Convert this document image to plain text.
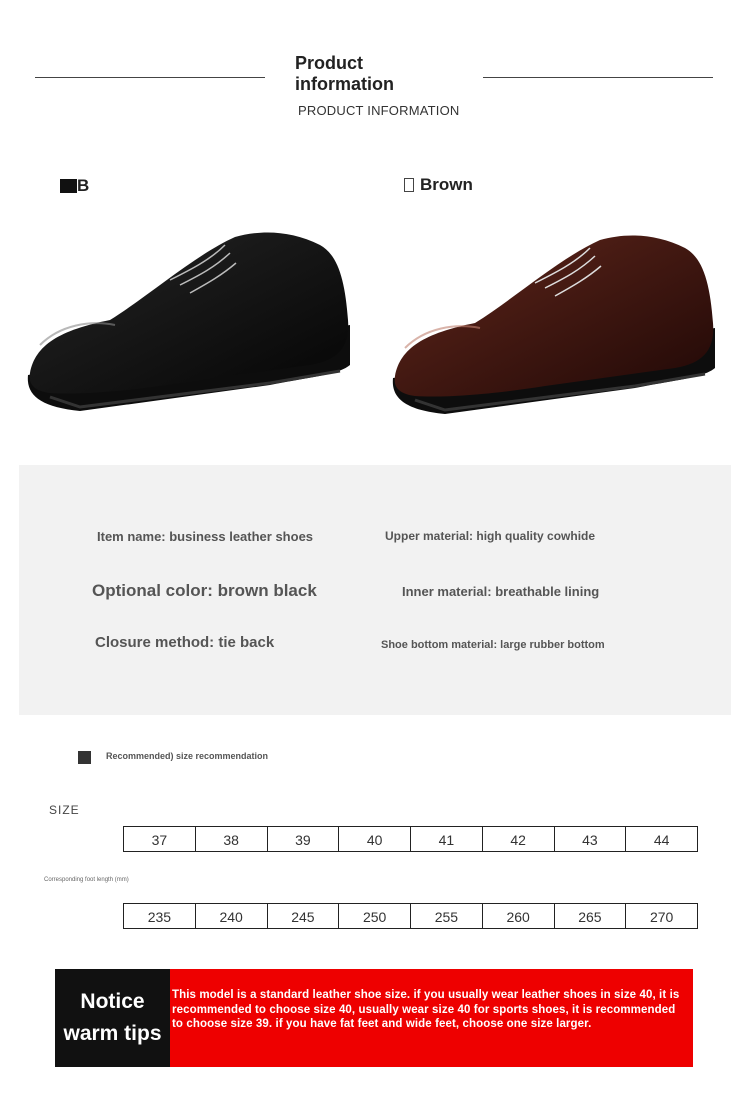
Product information
PRODUCT INFORMATION
B	Brown
Item name: business leather shoes	Upper material: high quality cowhide
Optional color: brown black	Inner material: breathable lining
Closure method: tie back	Shoe bottom material: large rubber bottom
Recommended) size recommendation
SIZE
Corresponding foot length (mm)
37	38	39	40	41	42	43	44
235	240	245	250	255	260	265	270
Notice
warm tips
This model is a standard leather shoe size. if you usually wear leather shoes in size 40, it is recommended to choose size 40, usually wear size 40 for sports shoes, it is recommended to choose size 39. if you have fat feet and wide feet, choose one size larger.
